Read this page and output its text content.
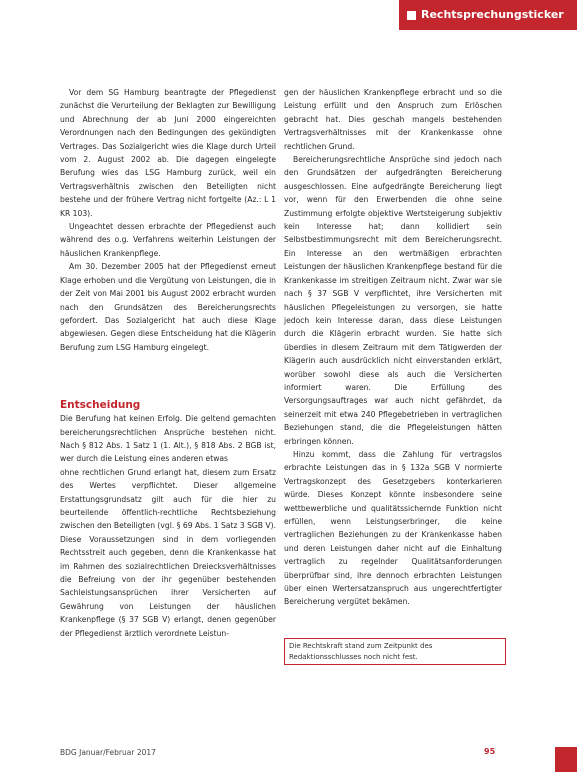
Rechtsprechungsticker

Vor dem SG Hamburg beantragte der Pflegedienst zunächst die Verurteilung der Beklagten zur Bewilligung und Abrechnung der ab Juni 2000 eingereichten Verordnungen nach den Bedingungen des gekündigten Vertrages. Das Sozialgericht wies die Klage durch Urteil vom 2. August 2002 ab. Die dagegen eingelegte Berufung wies das LSG Hamburg zurück, weil ein Vertragsverhältnis zwischen den Beteiligten nicht bestehe und der frühere Vertrag nicht fortgelte (Az.: L 1 KR 103).

Ungeachtet dessen erbrachte der Pflegedienst auch während des o.g. Verfahrens weiterhin Leistungen der häuslichen Krankenpflege.

Am 30. Dezember 2005 hat der Pflegedienst erneut Klage erhoben und die Vergütung von Leistungen, die in der Zeit von Mai 2001 bis August 2002 erbracht wurden nach den Grundsätzen des Bereicherungsrechts gefordert. Das Sozialgericht hat auch diese Klage abgewiesen. Gegen diese Entscheidung hat die Klägerin Berufung zum LSG Hamburg eingelegt.

Entscheidung

Die Berufung hat keinen Erfolg. Die geltend gemachten bereicherungsrechtlichen Ansprüche bestehen nicht. Nach § 812 Abs. 1 Satz 1 (1. Alt.), § 818 Abs. 2 BGB ist, wer durch die Leistung eines anderen etwas

ohne rechtlichen Grund erlangt hat, diesem zum Ersatz des Wertes verpflichtet. Dieser allgemeine Erstattungsgrundsatz gilt auch für die hier zu beurteilende öffentlich-rechtliche Rechtsbeziehung zwischen den Beteiligten (vgl. § 69 Abs. 1 Satz 3 SGB V). Diese Voraussetzungen sind in dem vorliegenden Rechtsstreit auch gegeben, denn die Krankenkasse hat im Rahmen des sozialrechtlichen Dreiecksverhältnisses die Befreiung von der ihr gegenüber bestehenden Sachleistungsansprüchen ihrer Versicherten auf Gewährung von Leistungen der häuslichen Krankenpflege (§ 37 SGB V) erlangt, denen gegenüber der Pflegedienst ärztlich verordnete Leistun-

gen der häuslichen Krankenpflege erbracht und so die Leistung erfüllt und den Anspruch zum Erlöschen gebracht hat. Dies geschah mangels bestehenden Vertragsverhältnisses mit der Krankenkasse ohne rechtlichen Grund.

Bereicherungsrechtliche Ansprüche sind jedoch nach den Grundsätzen der aufgedrängten Bereicherung ausgeschlossen. Eine aufgedrängte Bereicherung liegt vor, wenn für den Erwerbenden die ohne seine Zustimmung erfolgte objektive Wertsteigerung subjektiv kein Interesse hat; dann kollidiert sein Selbstbestimmungsrecht mit dem Bereicherungsrecht. Ein Interesse an den wertmäßigen erbrachten Leistungen der häuslichen Krankenpflege bestand für die Krankenkasse im streitigen Zeitraum nicht. Zwar war sie nach § 37 SGB V verpflichtet, ihre Versicherten mit häuslichen Pflegeleistungen zu versorgen, sie hatte jedoch kein Interesse daran, dass diese Leistungen durch die Klägerin erbracht wurden. Sie hatte sich überdies in diesem Zeitraum mit dem Tätigwerden der Klägerin auch ausdrücklich nicht einverstanden erklärt, worüber sowohl diese als auch die Versicherten informiert waren. Die Erfüllung des Versorgungsauftrages war auch nicht gefährdet, da seinerzeit mit etwa 240 Pflegebetrieben in vertraglichen Beziehungen stand, die die Pflegeleistungen hätten erbringen können.

Hinzu kommt, dass die Zahlung für vertragslos erbrachte Leistungen das in § 132a SGB V normierte Vertragskonzept des Gesetzgebers konterkarieren würde. Dieses Konzept könnte insbesondere seine wettbewerbliche und qualitätssichernde Funktion nicht erfüllen, wenn Leistungserbringer, die keine vertraglichen Beziehungen zu der Krankenkasse haben und deren Leistungen daher nicht auf die Einhaltung vertraglich zu regelnder Qualitätsanforderungen überprüfbar sind, ihre dennoch erbrachten Leistungen über einen Wertersatzanspruch aus ungerechtfertigter Bereicherung vergütet bekämen.

Die Rechtskraft stand zum Zeitpunkt des Redaktionsschlusses noch nicht fest.
BDG Januar/Februar 2017	95
